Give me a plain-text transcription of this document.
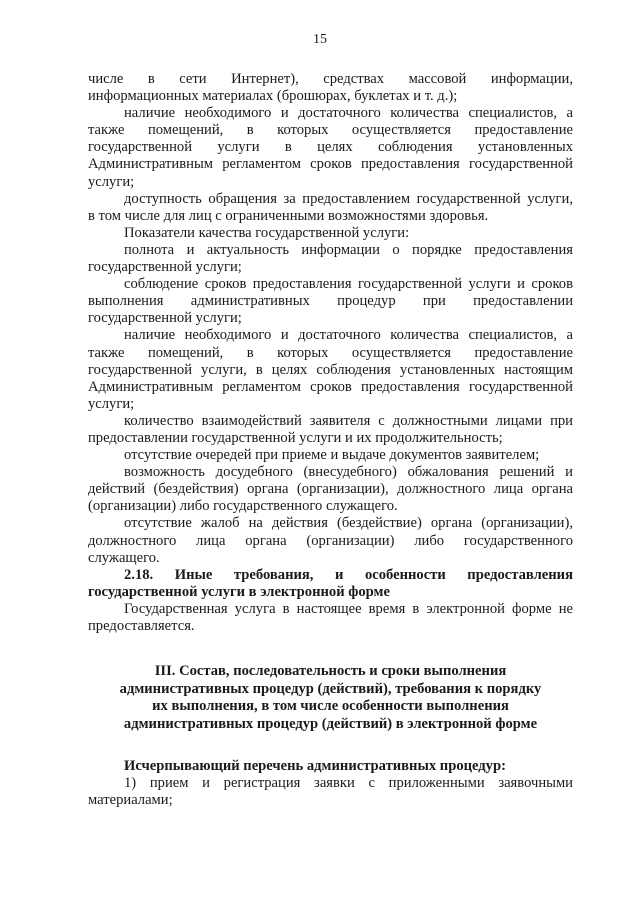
15

числе в сети Интернет), средствах массовой информации,

информационных материалах (брошюрах, буклетах и т. д.);

наличие необходимого и достаточного количества специалистов, а

также помещений, в которых осуществляется предоставление

государственной услуги в целях соблюдения установленных

Административным регламентом сроков предоставления государственной

услуги;

доступность обращения за предоставлением государственной услуги,

в том числе для лиц с ограниченными возможностями здоровья.

Показатели качества государственной услуги:

полнота и актуальность информации о порядке предоставления

государственной услуги;

соблюдение сроков предоставления государственной услуги и сроков

выполнения административных процедур при предоставлении

государственной услуги;

наличие необходимого и достаточного количества специалистов, а

также помещений, в которых осуществляется предоставление

государственной услуги, в целях соблюдения установленных настоящим

Административным регламентом сроков предоставления государственной

услуги;

количество взаимодействий заявителя с должностными лицами при

предоставлении государственной услуги и их продолжительность;

отсутствие очередей при приеме и выдаче документов заявителем;

возможность досудебного (внесудебного) обжалования решений и

действий (бездействия) органа (организации), должностного лица органа

(организации) либо государственного служащего.

отсутствие жалоб на действия (бездействие) органа (организации),

должностного лица органа (организации) либо государственного

служащего.

2.18. Иные требования, и особенности предоставления

государственной услуги в электронной форме

Государственная услуга в настоящее время в электронной форме не

предоставляется.

III. Состав, последовательность и сроки выполнения
административных процедур (действий), требования к порядку
их выполнения, в том числе особенности выполнения
административных процедур (действий) в электронной форме

Исчерпывающий перечень административных процедур:

1) прием и регистрация заявки с приложенными заявочными

материалами;
